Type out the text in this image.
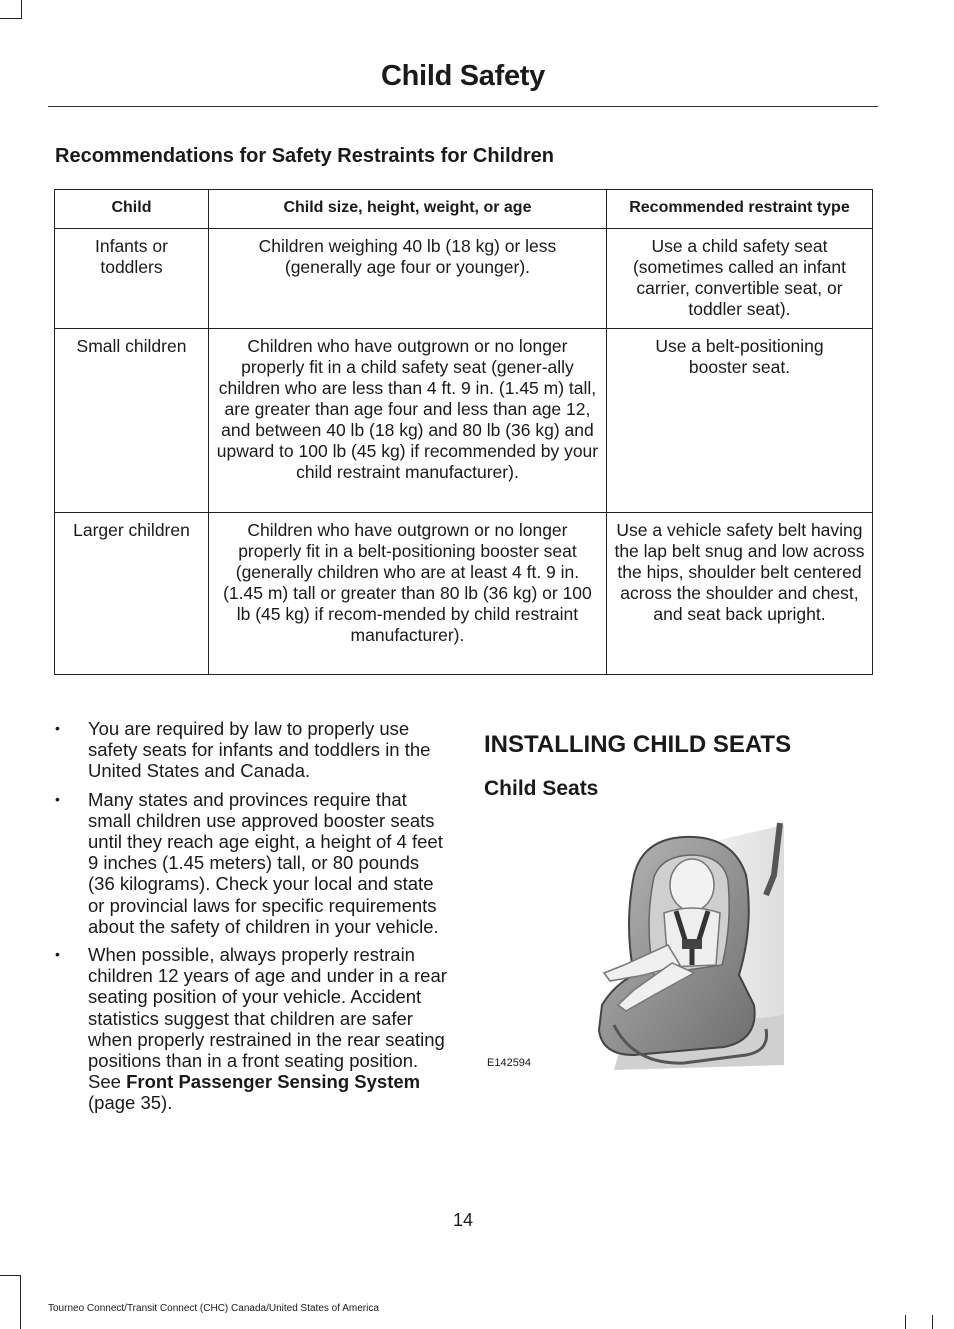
Child Safety
Recommendations for Safety Restraints for Children
Child	Child size, height, weight, or age	Recommended restraint type
Infants or toddlers	Children weighing 40 lb (18 kg) or less (generally age four or younger).	Use a child safety seat (sometimes called an infant carrier, convertible seat, or toddler seat).
Small children	Children who have outgrown or no longer properly fit in a child safety seat (gener-ally children who are less than 4 ft. 9 in. (1.45 m) tall, are greater than age four and less than age 12, and between 40 lb (18 kg) and 80 lb (36 kg) and upward to 100 lb (45 kg) if recommended by your child restraint manufacturer).	Use a belt-positioning booster seat.
Larger children	Children who have outgrown or no longer properly fit in a belt-positioning booster seat (generally children who are at least 4 ft. 9 in. (1.45 m) tall or greater than 80 lb (36 kg) or 100 lb (45 kg) if recom-mended by child restraint manufacturer).	Use a vehicle safety belt having the lap belt snug and low across the hips, shoulder belt centered across the shoulder and chest, and seat back upright.
• You are required by law to properly use safety seats for infants and toddlers in the United States and Canada.
• Many states and provinces require that small children use approved booster seats until they reach age eight, a height of 4 feet 9 inches (1.45 meters) tall, or 80 pounds (36 kilograms). Check your local and state or provincial laws for specific requirements about the safety of children in your vehicle.
• When possible, always properly restrain children 12 years of age and under in a rear seating position of your vehicle. Accident statistics suggest that children are safer when properly restrained in the rear seating positions than in a front seating position. See Front Passenger Sensing System (page 35).
INSTALLING CHILD SEATS
Child Seats
E142594
14
Tourneo Connect/Transit Connect (CHC) Canada/United States of America
